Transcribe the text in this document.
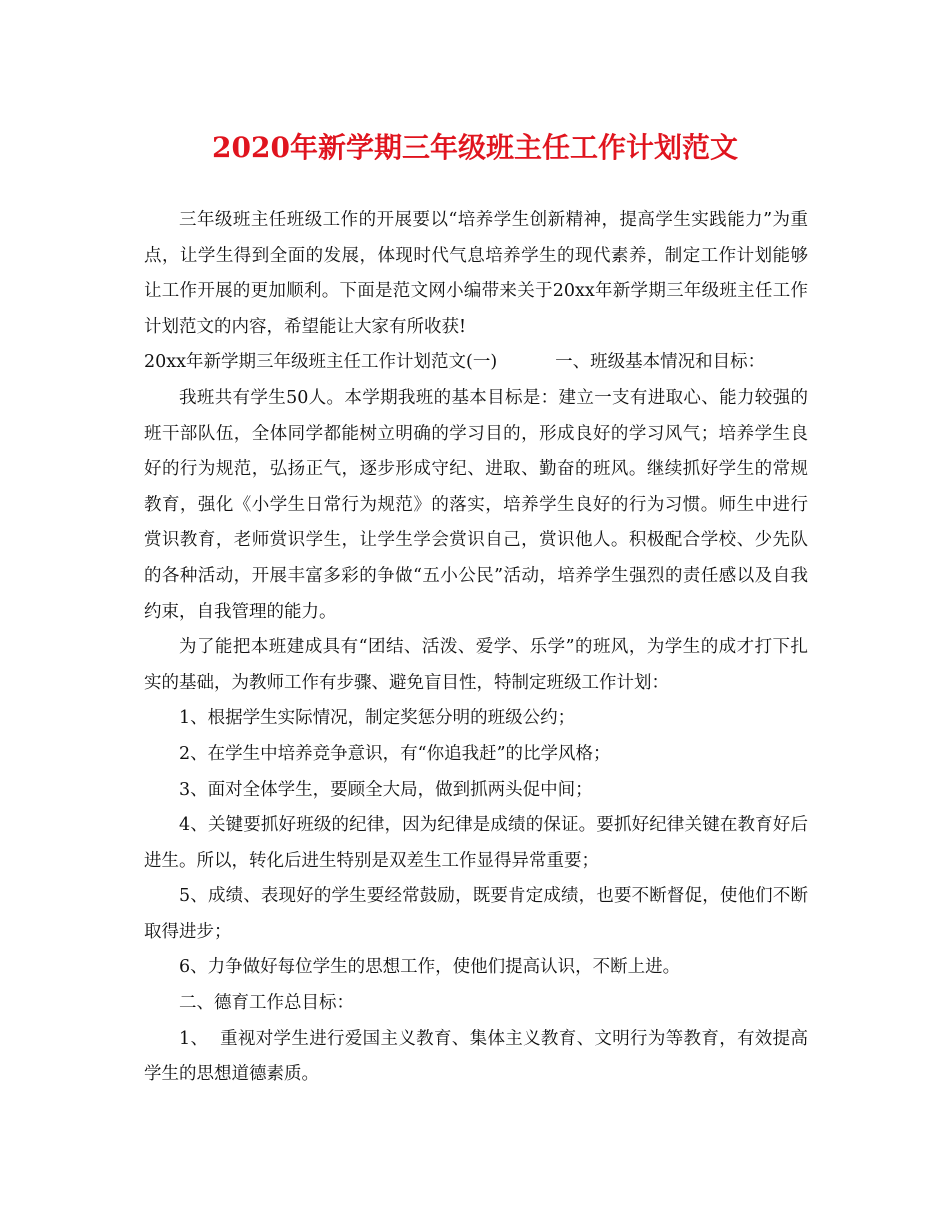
2020年新学期三年级班主任工作计划范文

三年级班主任班级工作的开展要以“培养学生创新精神，提高学生实践能力”为重点，让学生得到全面的发展，体现时代气息培养学生的现代素养，制定工作计划能够让工作开展的更加顺利。下面是范文网小编带来关于20xx年新学期三年级班主任工作计划范文的内容，希望能让大家有所收获!

20xx年新学期三年级班主任工作计划范文(一)	一、班级基本情况和目标：

我班共有学生50人。本学期我班的基本目标是：建立一支有进取心、能力较强的班干部队伍，全体同学都能树立明确的学习目的，形成良好的学习风气；培养学生良好的行为规范，弘扬正气，逐步形成守纪、进取、勤奋的班风。继续抓好学生的常规教育，强化《小学生日常行为规范》的落实，培养学生良好的行为习惯。师生中进行赏识教育，老师赏识学生，让学生学会赏识自己，赏识他人。积极配合学校、少先队的各种活动，开展丰富多彩的争做“五小公民”活动，培养学生强烈的责任感以及自我约束，自我管理的能力。

为了能把本班建成具有“团结、活泼、爱学、乐学”的班风，为学生的成才打下扎实的基础，为教师工作有步骤、避免盲目性，特制定班级工作计划：

1、根据学生实际情况，制定奖惩分明的班级公约；

2、在学生中培养竞争意识，有“你追我赶”的比学风格；

3、面对全体学生，要顾全大局，做到抓两头促中间；

4、关键要抓好班级的纪律，因为纪律是成绩的保证。要抓好纪律关键在教育好后进生。所以，转化后进生特别是双差生工作显得异常重要；

5、成绩、表现好的学生要经常鼓励，既要肯定成绩，也要不断督促，使他们不断取得进步；

6、力争做好每位学生的思想工作，使他们提高认识，不断上进。

二、德育工作总目标：

1、  重视对学生进行爱国主义教育、集体主义教育、文明行为等教育，有效提高学生的思想道德素质。
